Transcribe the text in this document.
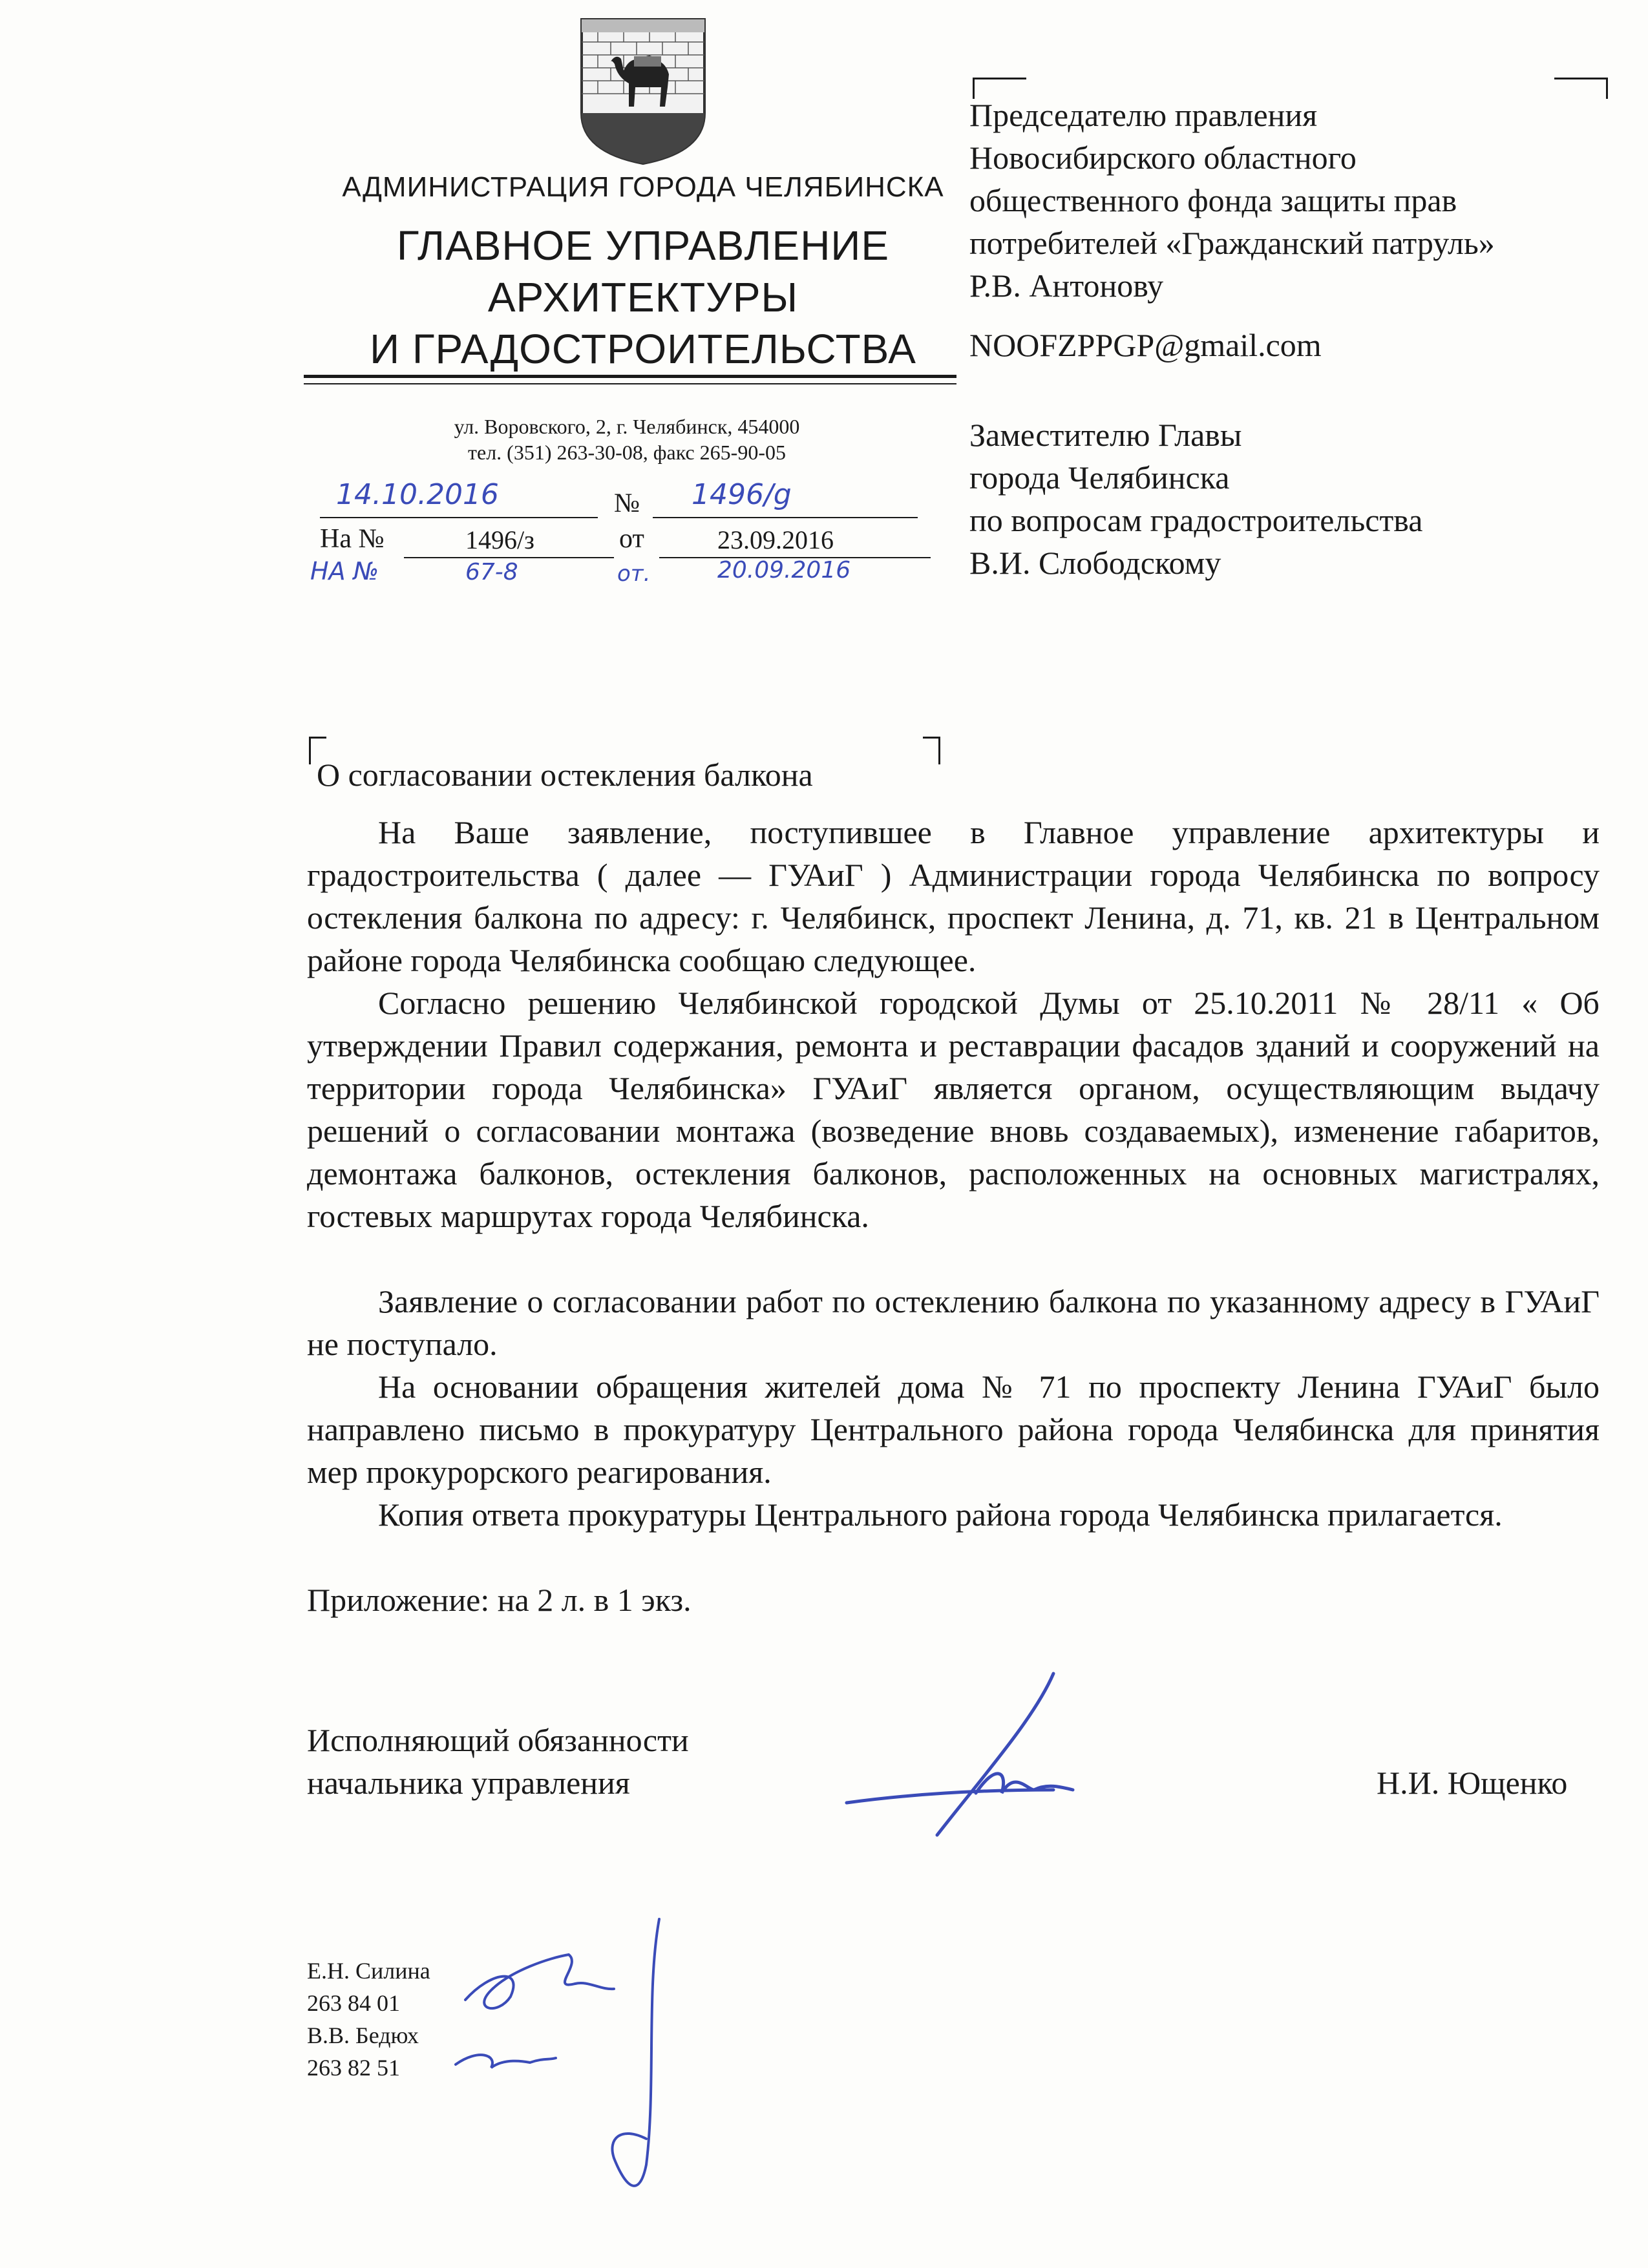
АДМИНИСТРАЦИЯ ГОРОДА ЧЕЛЯБИНСКА
ГЛАВНОЕ УПРАВЛЕНИЕ
АРХИТЕКТУРЫ
И ГРАДОСТРОИТЕЛЬСТВА
ул. Воровского, 2, г. Челябинск, 454000
тел. (351) 263-30-08, факс 265-90-05
14.10.2016	№ 1496/g
На №	1496/з	от	23.09.2016
НА №	67-8	от.	20.09.2016
Председателю правления
Новосибирского областного
общественного фонда защиты прав
потребителей «Гражданский патруль»
Р.В. Антонову
NOOFZPPGP@gmail.com
Заместителю Главы
города Челябинска
по вопросам градостроительства
В.И. Слободскому
О согласовании остекления балкона
На Ваше заявление, поступившее в Главное управление архитектуры и градостроительства ( далее — ГУАиГ ) Администрации города Челябинска по вопросу остекления балкона по адресу: г. Челябинск, проспект Ленина, д. 71, кв. 21 в Центральном районе города Челябинска сообщаю следующее.
Согласно решению Челябинской городской Думы от 25.10.2011 № 28/11 « Об утверждении Правил содержания, ремонта и реставрации фасадов зданий и сооружений на территории города Челябинска» ГУАиГ является органом, осуществляющим выдачу решений о согласовании монтажа (возведение вновь создаваемых), изменение габаритов, демонтажа балконов, остекления балконов, расположенных на основных магистралях, гостевых маршрутах города Челябинска.
Заявление о согласовании работ по остеклению балкона по указанному адресу в ГУАиГ не поступало.
На основании обращения жителей дома № 71 по проспекту Ленина ГУАиГ было направлено письмо в прокуратуру Центрального района города Челябинска для принятия мер прокурорского реагирования.
Копия ответа прокуратуры Центрального района города Челябинска прилагается.
Приложение: на 2 л. в 1 экз.
Исполняющий обязанности
начальника управления	Н.И. Ющенко
Е.Н. Силина
263 84 01
В.В. Бедюх
263 82 51
